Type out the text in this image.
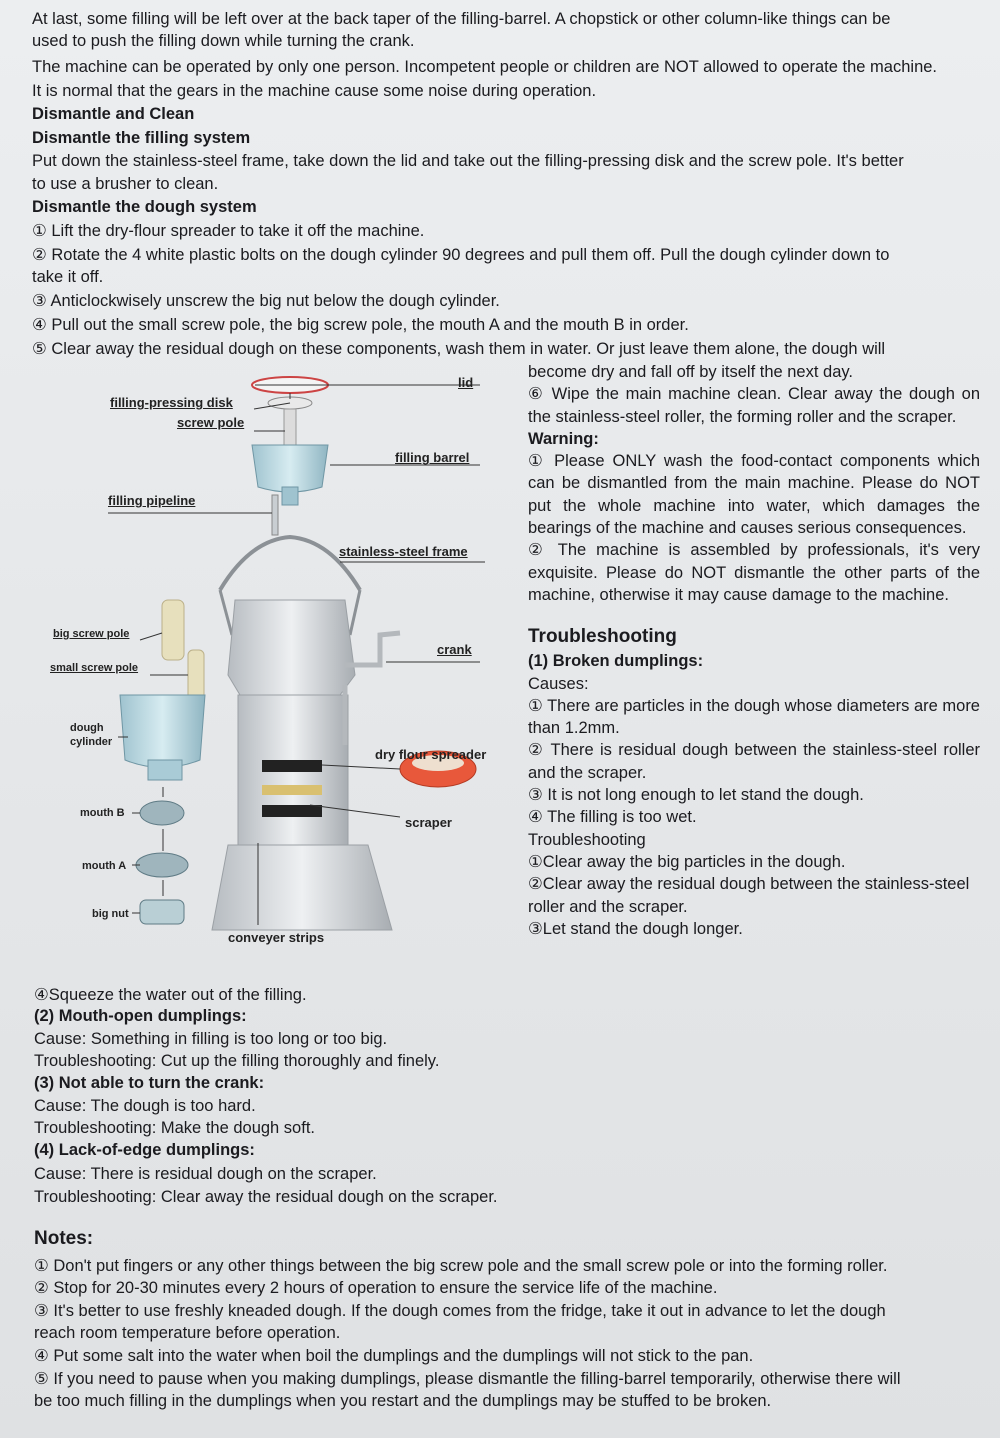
At last, some filling will be left over at the back taper of the filling-barrel. A chopstick or other column-like things can be
used to push the filling down while turning the crank.
The machine can be operated by only one person. Incompetent people or children are NOT allowed to operate the machine.
It is normal that the gears in the machine cause some noise during operation.
Dismantle and Clean
Dismantle the filling system
Put down the stainless-steel frame, take down the lid and take out the filling-pressing disk and the screw pole. It's better
to use a brusher to clean.
Dismantle the dough system
① Lift the dry-flour spreader to take it off the machine.
② Rotate the 4 white plastic bolts on the dough cylinder 90 degrees and pull them off. Pull the dough cylinder down to
take it off.
③ Anticlockwisely unscrew the big nut below the dough cylinder.
④ Pull out the small screw pole, the big screw pole, the mouth A and the mouth B in order.
⑤ Clear away the residual dough on these components, wash them in water. Or just leave them alone, the dough will

become dry and fall off by itself the next day.

⑥ Wipe the main machine clean. Clear away the dough on the stainless-steel roller, the forming roller and the scraper.

Warning:

① Please ONLY wash the food-contact components which can be dismantled from the main machine. Please do NOT put the whole machine into water, which damages the bearings of the machine and causes serious consequences.

② The machine is assembled by professionals, it's very exquisite. Please do NOT dismantle the other parts of the machine, otherwise it may cause damage to the machine.

Troubleshooting

(1) Broken dumplings:

Causes:

① There are particles in the dough whose diameters are more than 1.2mm.

② There is residual dough between the stainless-steel roller and the scraper.

③ It is not long enough to let stand the dough.

④ The filling is too wet.

Troubleshooting

①Clear away the big particles in the dough.

②Clear away the residual dough between the stainless-steel roller and the scraper.

③Let stand the dough longer.

lid
filling-pressing disk
screw pole
filling barrel
filling pipeline
stainless-steel frame
big screw pole
crank
small screw pole
dough
cylinder
dry flour spreader
mouth B
scraper
mouth A
big nut
conveyer strips
④Squeeze the water out of the filling.
(2) Mouth-open dumplings:
Cause: Something in filling is too long or too big.
Troubleshooting: Cut up the filling thoroughly and finely.
(3) Not able to turn the crank:
Cause: The dough is too hard.
Troubleshooting: Make the dough soft.
(4) Lack-of-edge dumplings:
Cause: There is residual dough on the scraper.
Troubleshooting: Clear away the residual dough on the scraper.
Notes:
① Don't put fingers or any other things between the big screw pole and the small screw pole or into the forming roller.
② Stop for 20-30 minutes every 2 hours of operation to ensure the service life of the machine.
③ It's better to use freshly kneaded dough. If the dough comes from the fridge, take it out in advance to let the dough
reach room temperature before operation.
④ Put some salt into the water when boil the dumplings and the dumplings will not stick to the pan.
⑤ If you need to pause when you making dumplings, please dismantle the filling-barrel temporarily, otherwise there will
be too much filling in the dumplings when you restart and the dumplings may be stuffed to be broken.
